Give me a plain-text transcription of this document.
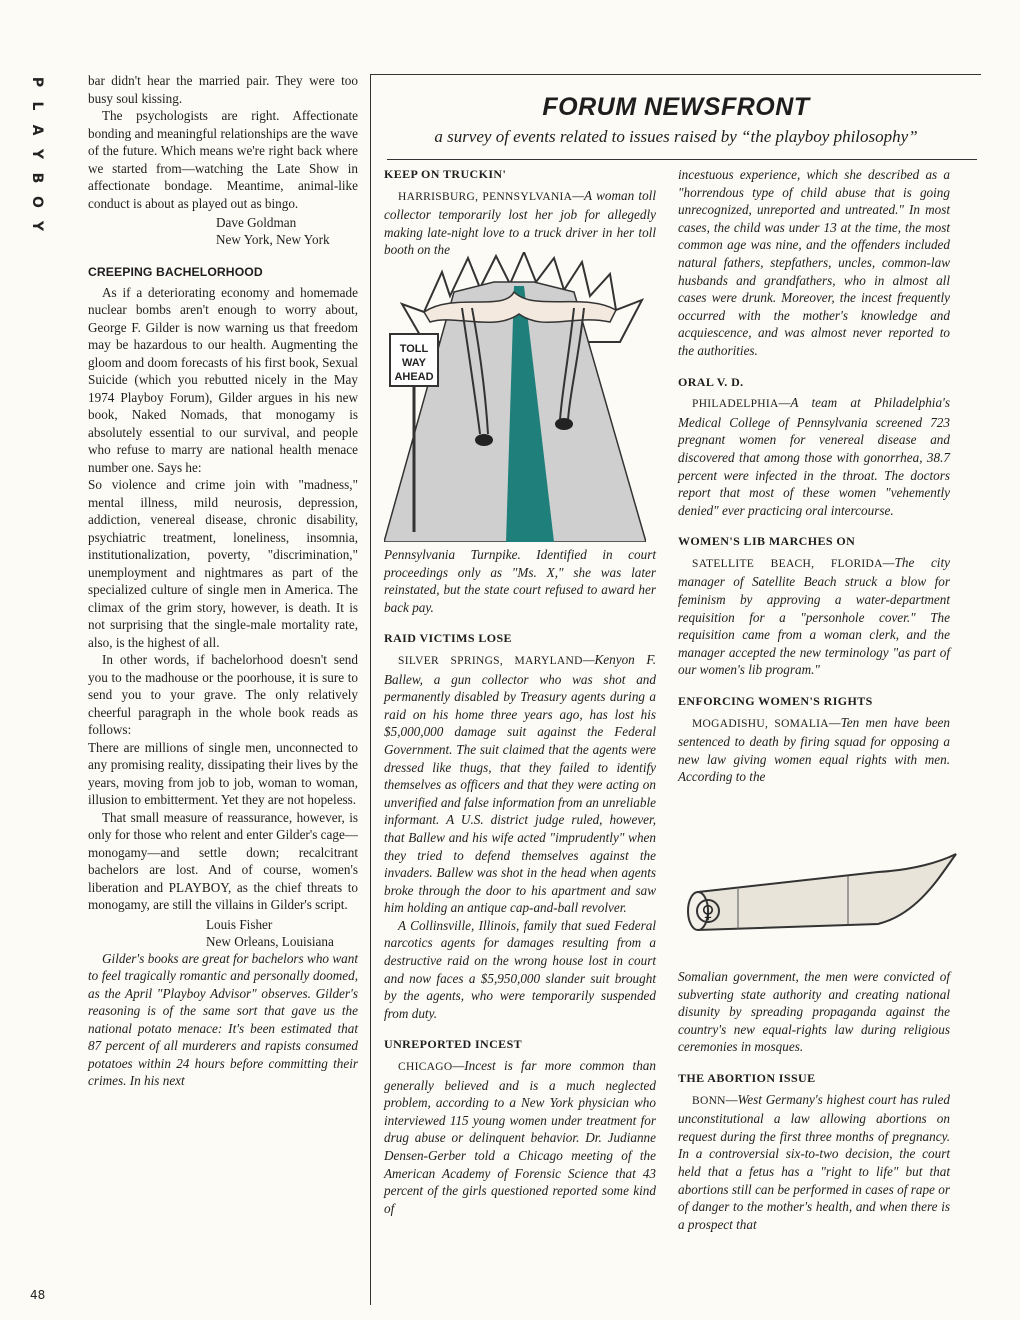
P
L
A
Y
B
O
Y
48

bar didn't hear the married pair. They were too busy soul kissing.

The psychologists are right. Affectionate bonding and meaningful relationships are the wave of the future. Which means we're right back where we started from—watching the Late Show in affectionate bondage. Meantime, animal-like conduct is about as played out as bingo.

Dave Goldman
New York, New York
CREEPING BACHELORHOOD

As if a deteriorating economy and homemade nuclear bombs aren't enough to worry about, George F. Gilder is now warning us that freedom may be hazardous to our health. Augmenting the gloom and doom forecasts of his first book, Sexual Suicide (which you rebutted nicely in the May 1974 Playboy Forum), Gilder argues in his new book, Naked Nomads, that monogamy is absolutely essential to our survival, and people who refuse to marry are national health menace number one. Says he:

So violence and crime join with "madness," mental illness, mild neurosis, depression, addiction, venereal disease, chronic disability, psychiatric treatment, loneliness, insomnia, institutionalization, poverty, "discrimination," unemployment and nightmares as part of the specialized culture of single men in America. The climax of the grim story, however, is death. It is not surprising that the single-male mortality rate, also, is the highest of all.

In other words, if bachelorhood doesn't send you to the madhouse or the poorhouse, it is sure to send you to your grave. The only relatively cheerful paragraph in the whole book reads as follows:

There are millions of single men, unconnected to any promising reality, dissipating their lives by the years, moving from job to job, woman to woman, illusion to embitterment. Yet they are not hopeless.

That small measure of reassurance, however, is only for those who relent and enter Gilder's cage—monogamy—and settle down; recalcitrant bachelors are lost. And of course, women's liberation and PLAYBOY, as the chief threats to monogamy, are still the villains in Gilder's script.

Louis Fisher
New Orleans, Louisiana

Gilder's books are great for bachelors who want to feel tragically romantic and personally doomed, as the April "Playboy Advisor" observes. Gilder's reasoning is of the same sort that gave us the national potato menace: It's been estimated that 87 percent of all murderers and rapists consumed potatoes within 24 hours before committing their crimes. In his next

FORUM NEWSFRONT
a survey of events related to issues raised by “the playboy philosophy”
KEEP ON TRUCKIN'

HARRISBURG, PENNSYLVANIA—A woman toll collector temporarily lost her job for allegedly making late-night love to a truck driver in her toll booth on the

TOLL
WAY
AHEAD

Pennsylvania Turnpike. Identified in court proceedings only as "Ms. X," she was later reinstated, but the state court refused to award her back pay.

RAID VICTIMS LOSE

SILVER SPRINGS, MARYLAND—Kenyon F. Ballew, a gun collector who was shot and permanently disabled by Treasury agents during a raid on his home three years ago, has lost his $5,000,000 damage suit against the Federal Government. The suit claimed that the agents were dressed like thugs, that they failed to identify themselves as officers and that they were acting on unverified and false information from an unreliable informant. A U.S. district judge ruled, however, that Ballew and his wife acted "imprudently" when they tried to defend themselves against the invaders. Ballew was shot in the head when agents broke through the door to his apartment and saw him holding an antique cap-and-ball revolver.

A Collinsville, Illinois, family that sued Federal narcotics agents for damages resulting from a destructive raid on the wrong house lost in court and now faces a $5,950,000 slander suit brought by the agents, who were temporarily suspended from duty.

UNREPORTED INCEST

CHICAGO—Incest is far more common than generally believed and is a much neglected problem, according to a New York physician who interviewed 115 young women under treatment for drug abuse or delinquent behavior. Dr. Judianne Densen-Gerber told a Chicago meeting of the American Academy of Forensic Science that 43 percent of the girls questioned reported some kind of

incestuous experience, which she described as a "horrendous type of child abuse that is going unrecognized, unreported and untreated." In most cases, the child was under 13 at the time, the most common age was nine, and the offenders included natural fathers, stepfathers, uncles, common-law husbands and grandfathers, who in almost all cases were drunk. Moreover, the incest frequently occurred with the mother's knowledge and acquiescence, and was almost never reported to the authorities.

ORAL V. D.

PHILADELPHIA—A team at Philadelphia's Medical College of Pennsylvania screened 723 pregnant women for venereal disease and discovered that among those with gonorrhea, 38.7 percent were infected in the throat. The doctors report that most of these women "vehemently denied" ever practicing oral intercourse.

WOMEN'S LIB MARCHES ON

SATELLITE BEACH, FLORIDA—The city manager of Satellite Beach struck a blow for feminism by approving a water-department requisition for a "personhole cover." The requisition came from a woman clerk, and the manager accepted the new terminology "as part of our women's lib program."

ENFORCING WOMEN'S RIGHTS

MOGADISHU, SOMALIA—Ten men have been sentenced to death by firing squad for opposing a new law giving women equal rights with men. According to the

♀

Somalian government, the men were convicted of subverting state authority and creating national disunity by spreading propaganda against the country's new equal-rights law during religious ceremonies in mosques.

THE ABORTION ISSUE

BONN—West Germany's highest court has ruled unconstitutional a law allowing abortions on request during the first three months of pregnancy. In a controversial six-to-two decision, the court held that a fetus has a "right to life" but that abortions still can be performed in cases of rape or of danger to the mother's health, and when there is a prospect that
